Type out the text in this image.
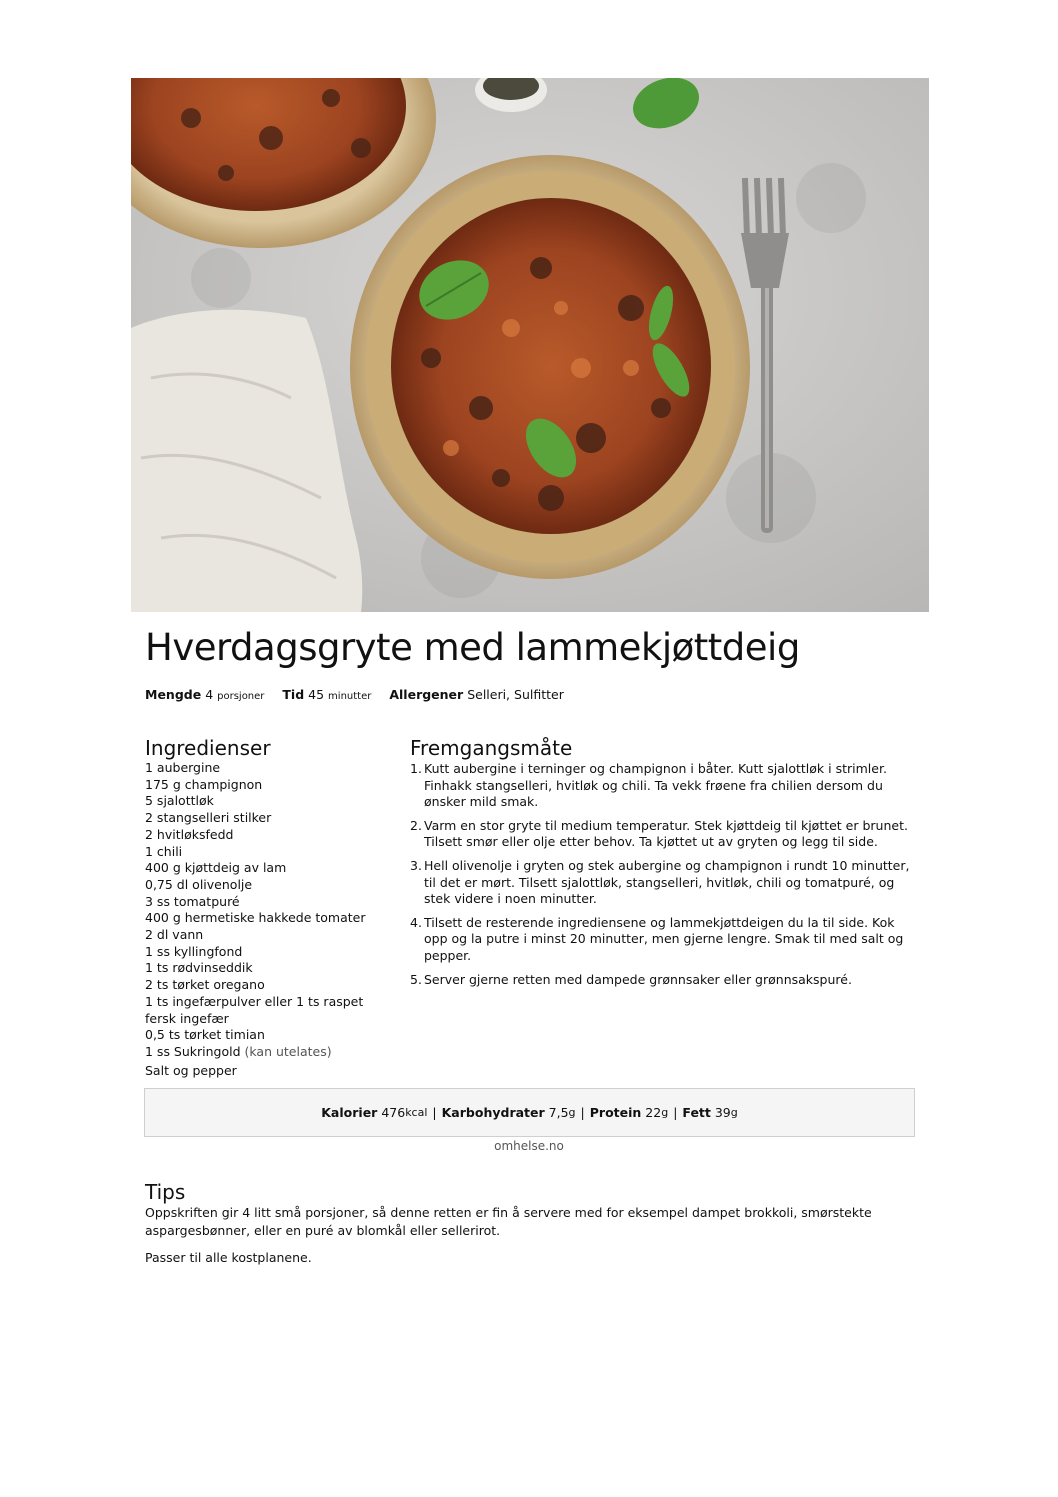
Hverdagsgryte med lammekjøttdeig
Mengde 4 porsjoner Tid 45 minutter Allergener Selleri, Sulfitter
Ingredienser
1 aubergine
175 g champignon
5 sjalottløk
2 stangselleri stilker
2 hvitløksfedd
1 chili
400 g kjøttdeig av lam
0,75 dl olivenolje
3 ss tomatpuré
400 g hermetiske hakkede tomater
2 dl vann
1 ss kyllingfond
1 ts rødvinseddik
2 ts tørket oregano
1 ts ingefærpulver eller 1 ts raspet fersk ingefær
0,5 ts tørket timian
1 ss Sukringold (kan utelates)
Salt og pepper
Fremgangsmåte
1. Kutt aubergine i terninger og champignon i båter. Kutt sjalottløk i strimler. Finhakk stangselleri, hvitløk og chili. Ta vekk frøene fra chilien dersom du ønsker mild smak.
2. Varm en stor gryte til medium temperatur. Stek kjøttdeig til kjøttet er brunet. Tilsett smør eller olje etter behov. Ta kjøttet ut av gryten og legg til side.
3. Hell olivenolje i gryten og stek aubergine og champignon i rundt 10 minutter, til det er mørt. Tilsett sjalottløk, stangselleri, hvitløk, chili og tomatpuré, og stek videre i noen minutter.
4. Tilsett de resterende ingrediensene og lammekjøttdeigen du la til side. Kok opp og la putre i minst 20 minutter, men gjerne lengre. Smak til med salt og pepper.
5. Server gjerne retten med dampede grønnsaker eller grønnsakspuré.
Kalorier
476 kcal | Karbohydrater
7,5 g | Protein
22 g | Fett
39 g
omhelse.no
Tips

Oppskriften gir 4 litt små porsjoner, så denne retten er fin å servere med for eksempel dampet brokkoli, smørstekte aspargesbønner, eller en puré av blomkål eller sellerirot.

Passer til alle kostplanene.
